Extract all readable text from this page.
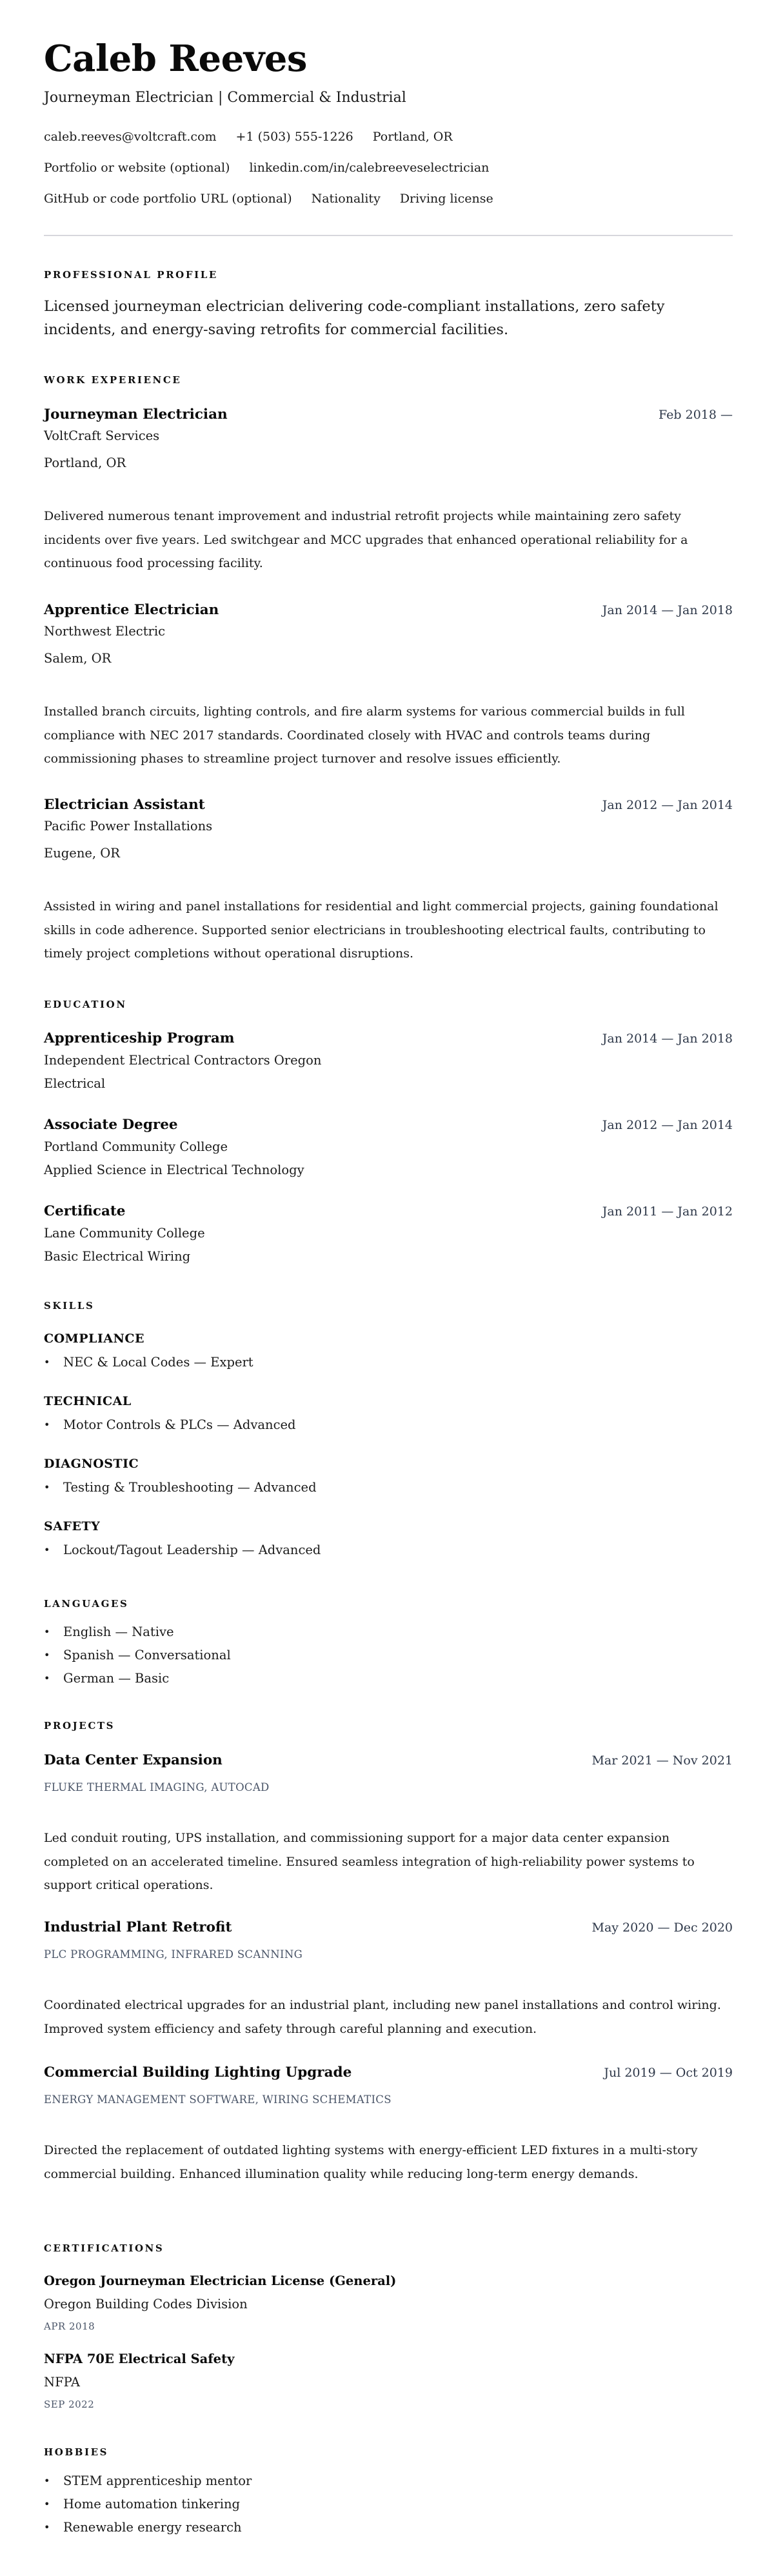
Caleb Reeves
Journeyman Electrician | Commercial & Industrial
caleb.reeves@voltcraft.com +1 (503) 555-1226 Portland, OR
Portfolio or website (optional) linkedin.com/in/calebreeveselectrician
GitHub or code portfolio URL (optional) Nationality Driving license
PROFESSIONAL PROFILE
Licensed journeyman electrician delivering code-compliant installations, zero safety incidents, and energy-saving retrofits for commercial facilities.
WORK EXPERIENCE
Journeyman Electrician	Feb 2018 —
VoltCraft Services
Portland, OR
Delivered numerous tenant improvement and industrial retrofit projects while maintaining zero safety incidents over five years. Led switchgear and MCC upgrades that enhanced operational reliability for a continuous food processing facility.
Apprentice Electrician	Jan 2014 — Jan 2018
Northwest Electric
Salem, OR
Installed branch circuits, lighting controls, and fire alarm systems for various commercial builds in full compliance with NEC 2017 standards. Coordinated closely with HVAC and controls teams during commissioning phases to streamline project turnover and resolve issues efficiently.
Electrician Assistant	Jan 2012 — Jan 2014
Pacific Power Installations
Eugene, OR
Assisted in wiring and panel installations for residential and light commercial projects, gaining foundational skills in code adherence. Supported senior electricians in troubleshooting electrical faults, contributing to timely project completions without operational disruptions.
EDUCATION
Apprenticeship Program	Jan 2014 — Jan 2018
Independent Electrical Contractors Oregon
Electrical
Associate Degree	Jan 2012 — Jan 2014
Portland Community College
Applied Science in Electrical Technology
Certificate	Jan 2011 — Jan 2012
Lane Community College
Basic Electrical Wiring
SKILLS
COMPLIANCE
• NEC & Local Codes — Expert
TECHNICAL
• Motor Controls & PLCs — Advanced
DIAGNOSTIC
• Testing & Troubleshooting — Advanced
SAFETY
• Lockout/Tagout Leadership — Advanced
LANGUAGES
• English — Native
• Spanish — Conversational
• German — Basic
PROJECTS
Data Center Expansion	Mar 2021 — Nov 2021
FLUKE THERMAL IMAGING, AUTOCAD
Led conduit routing, UPS installation, and commissioning support for a major data center expansion completed on an accelerated timeline. Ensured seamless integration of high-reliability power systems to support critical operations.
Industrial Plant Retrofit	May 2020 — Dec 2020
PLC PROGRAMMING, INFRARED SCANNING
Coordinated electrical upgrades for an industrial plant, including new panel installations and control wiring. Improved system efficiency and safety through careful planning and execution.
Commercial Building Lighting Upgrade	Jul 2019 — Oct 2019
ENERGY MANAGEMENT SOFTWARE, WIRING SCHEMATICS
Directed the replacement of outdated lighting systems with energy-efficient LED fixtures in a multi-story commercial building. Enhanced illumination quality while reducing long-term energy demands.
CERTIFICATIONS
Oregon Journeyman Electrician License (General)
Oregon Building Codes Division
APR 2018
NFPA 70E Electrical Safety
NFPA
SEP 2022
HOBBIES
• STEM apprenticeship mentor
• Home automation tinkering
• Renewable energy research
